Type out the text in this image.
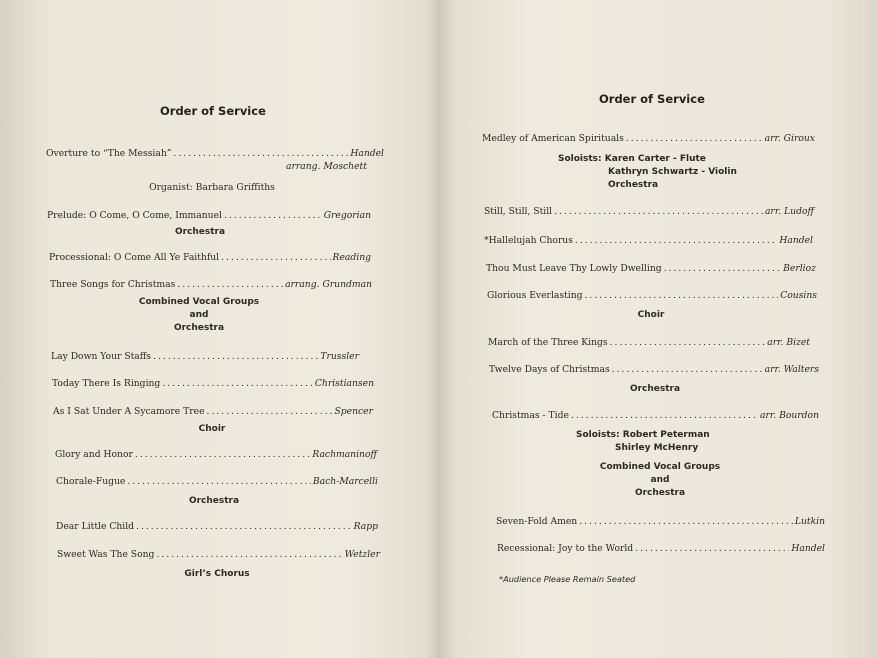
Order of Service
Overture to “The Messiah” .....	Handel
arrang. Moschett
Organist: Barbara Griffiths
Prelude: O Come, O Come, Immanuel .....	Gregorian
Orchestra
Processional: O Come All Ye Faithful .....	Reading
Three Songs for Christmas .....	arrang. Grundman
Combined Vocal Groups
and
Orchestra
Lay Down Your Staffs .....	Trussler
Today There Is Ringing .....	Christiansen
As I Sat Under A Sycamore Tree .....	Spencer
Choir
Glory and Honor .....	Rachmaninoff
Chorale-Fugue .....	Bach-Marcelli
Orchestra
Dear Little Child .....	Rapp
Sweet Was The Song .....	Wetzler
Girl’s Chorus
Order of Service
Medley of American Spirituals .....	arr. Giroux
Soloists: Karen Carter - Flute
Kathryn Schwartz - Violin
Orchestra
Still, Still, Still .....	arr. Ludoff
*Hallelujah Chorus .....	Handel
Thou Must Leave Thy Lowly Dwelling .....	Berlioz
Glorious Everlasting .....	Cousins
Choir
March of the Three Kings .....	arr. Bizet
Twelve Days of Christmas .....	arr. Walters
Orchestra
Christmas - Tide .....	arr. Bourdon
Soloists: Robert Peterman
Shirley McHenry
Combined Vocal Groups
and
Orchestra
Seven-Fold Amen .....	Lutkin
Recessional: Joy to the World .....	Handel
*Audience Please Remain Seated
